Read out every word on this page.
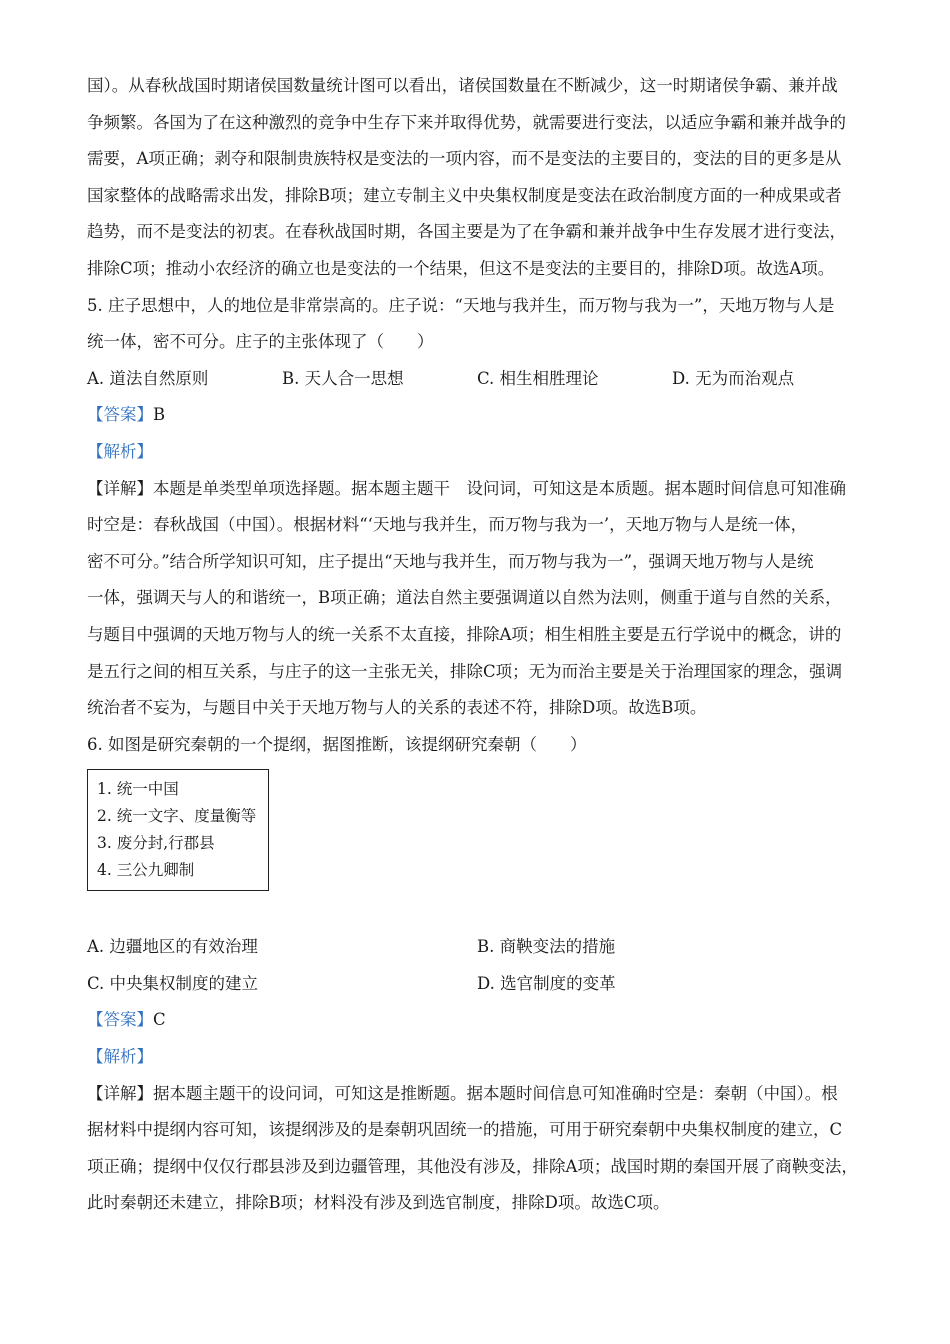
国）。从春秋战国时期诸侯国数量统计图可以看出，诸侯国数量在不断减少，这一时期诸侯争霸、兼并战
争频繁。各国为了在这种激烈的竞争中生存下来并取得优势，就需要进行变法，以适应争霸和兼并战争的
需要，A项正确；剥夺和限制贵族特权是变法的一项内容，而不是变法的主要目的，变法的目的更多是从
国家整体的战略需求出发，排除B项；建立专制主义中央集权制度是变法在政治制度方面的一种成果或者
趋势，而不是变法的初衷。在春秋战国时期，各国主要是为了在争霸和兼并战争中生存发展才进行变法，
排除C项；推动小农经济的确立也是变法的一个结果，但这不是变法的主要目的，排除D项。故选A项。
5. 庄子思想中，人的地位是非常崇高的。庄子说：“天地与我并生，而万物与我为一”，天地万物与人是
统一体，密不可分。庄子的主张体现了（　　）
A. 道法自然原则	B. 天人合一思想	C. 相生相胜理论	D. 无为而治观点
【答案】B
【解析】
【详解】本题是单类型单项选择题。据本题主题干　设问词，可知这是本质题。据本题时间信息可知准确
时空是：春秋战国（中国）。根据材料“‘天地与我并生，而万物与我为一’，天地万物与人是统一体，
密不可分。”结合所学知识可知，庄子提出“天地与我并生，而万物与我为一”，强调天地万物与人是统
一体，强调天与人的和谐统一，B项正确；道法自然主要强调道以自然为法则，侧重于道与自然的关系，
与题目中强调的天地万物与人的统一关系不太直接，排除A项；相生相胜主要是五行学说中的概念，讲的
是五行之间的相互关系，与庄子的这一主张无关，排除C项；无为而治主要是关于治理国家的理念，强调
统治者不妄为，与题目中关于天地万物与人的关系的表述不符，排除D项。故选B项。
6. 如图是研究秦朝的一个提纲，据图推断，该提纲研究秦朝（　　）
1. 统一中国
2. 统一文字、度量衡等
3. 废分封,行郡县
4. 三公九卿制
A. 边疆地区的有效治理	B. 商鞅变法的措施
C. 中央集权制度的建立	D. 选官制度的变革
【答案】C
【解析】
【详解】据本题主题干的设问词，可知这是推断题。据本题时间信息可知准确时空是：秦朝（中国）。根
据材料中提纲内容可知，该提纲涉及的是秦朝巩固统一的措施，可用于研究秦朝中央集权制度的建立，C
项正确；提纲中仅仅行郡县涉及到边疆管理，其他没有涉及，排除A项；战国时期的秦国开展了商鞅变法，
此时秦朝还未建立，排除B项；材料没有涉及到选官制度，排除D项。故选C项。
